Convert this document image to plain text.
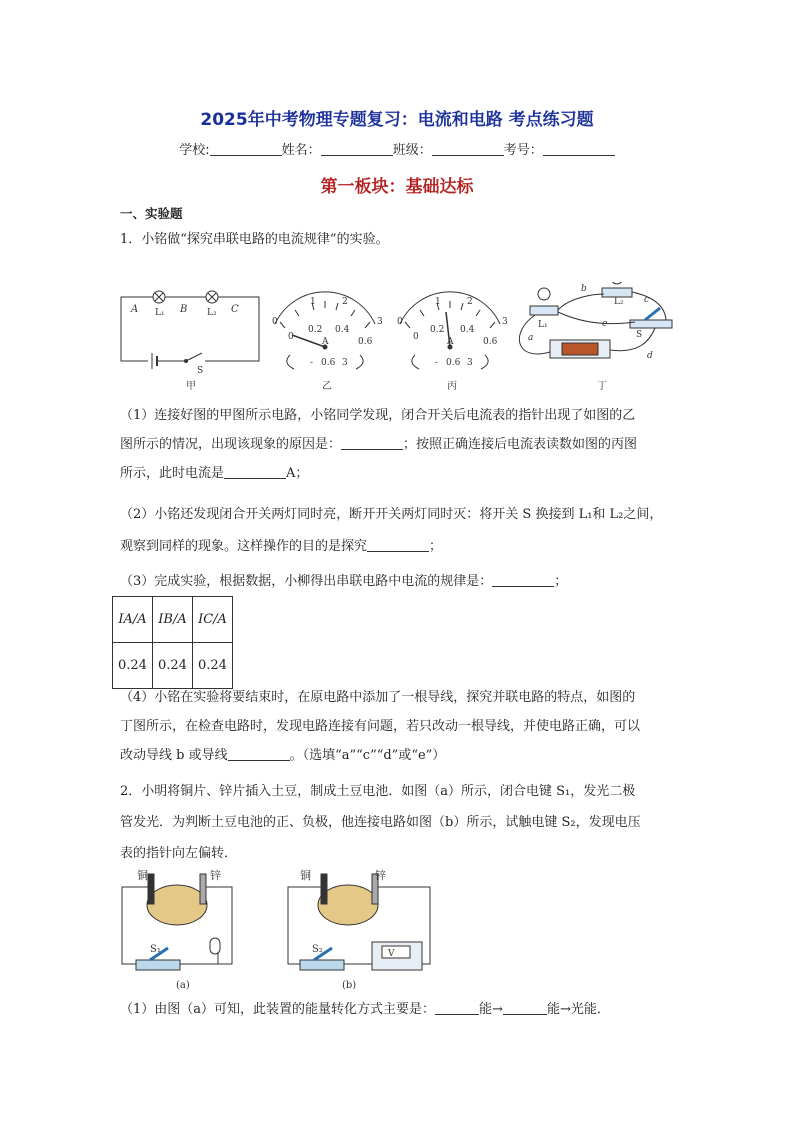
2025年中考物理专题复习：电流和电路 考点练习题
学校:	姓名：	班级：	考号：
第一板块：基础达标
一、实验题
1．小铭做“探究串联电路的电流规律”的实验。
A	B	C
L₁	L₂
S
甲
0
1	2
3
0
0.2 0.4
0.6
A
- 0.6 3
乙
0
1	2
3
0
0.2 0.4
0.6
A
- 0.6 3
丙
b
c
e
a
d
L₁
L₂
S
丁
（1）连接好图的甲图所示电路，小铭同学发现，闭合开关后电流表的指针出现了如图的乙
图所示的情况，出现该现象的原因是：	；按照正确连接后电流表读数如图的丙图
所示，此时电流是	A；
（2）小铭还发现闭合开关两灯同时亮，断开开关两灯同时灭：将开关 S 换接到 L₁和 L₂之间，
观察到同样的现象。这样操作的目的是探究	；
（3）完成实验，根据数据，小柳得出串联电路中电流的规律是：	；
IA/A	IB/A	IC/A
0.24	0.24	0.24
（4）小铭在实验将要结束时，在原电路中添加了一根导线，探究并联电路的特点，如图的
丁图所示，在检查电路时，发现电路连接有问题，若只改动一根导线，并使电路正确，可以
改动导线 b 或导线	。（选填“a”“c”“d”或“e”）
2．小明将铜片、锌片插入土豆，制成土豆电池．如图（a）所示，闭合电键 S₁，发光二极
管发光．为判断土豆电池的正、负极，他连接电路如图（b）所示，试触电键 S₂，发现电压
表的指针向左偏转．
铜	锌	铜	锌
S₁	S₂	V
(a)	(b)
（1）由图（a）可知，此装置的能量转化方式主要是：	能→	能→光能．
